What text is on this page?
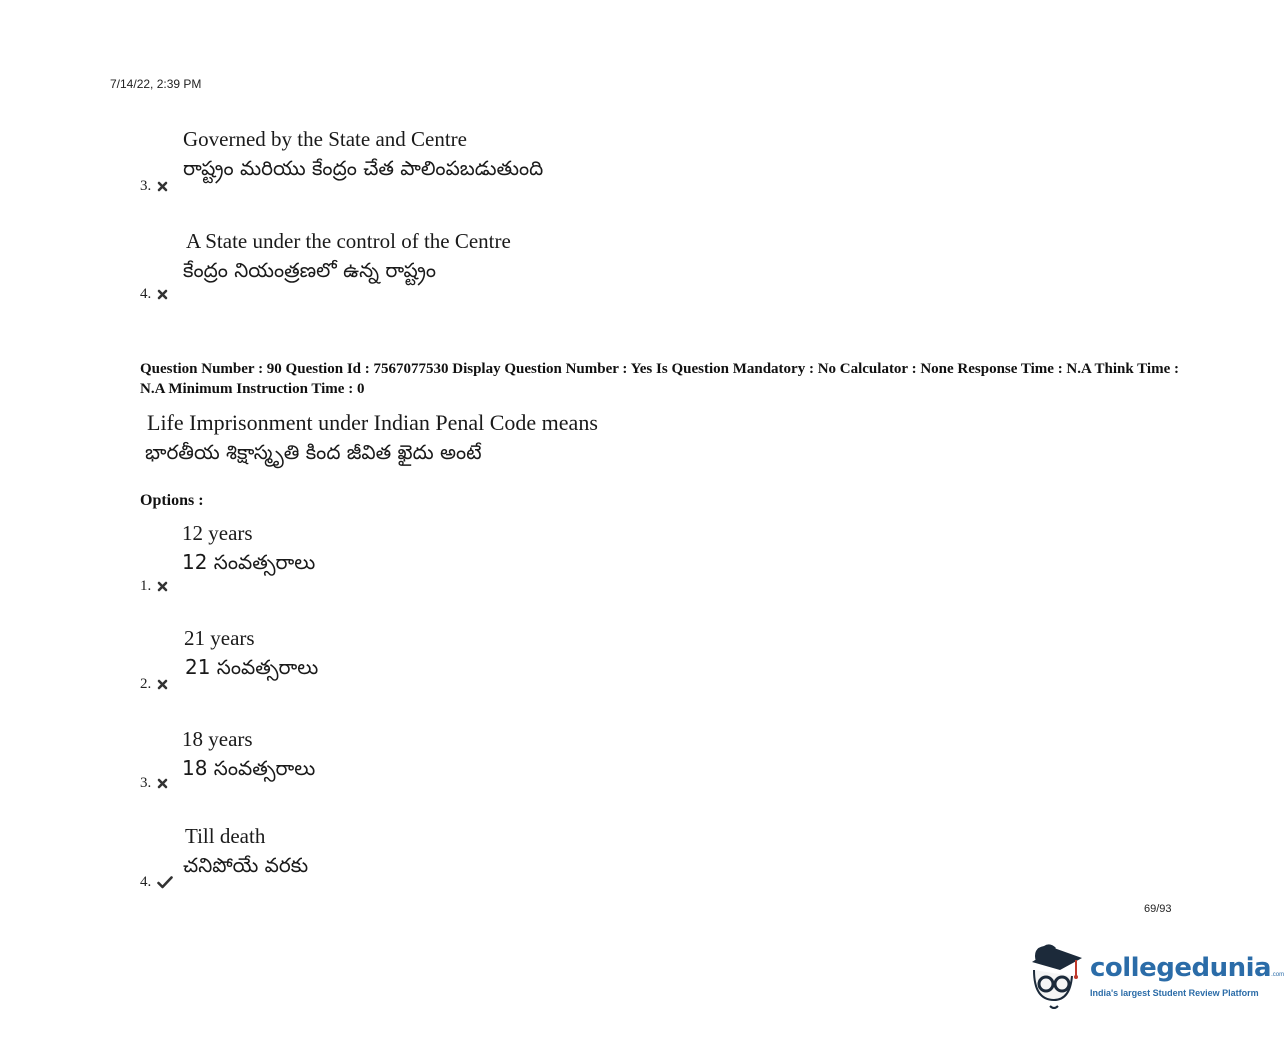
7/14/22, 2:39 PM
Governed by the State and Centre
రాష్ట్రం మరియు కేంద్రం చేత పాలింపబడుతుంది
3.
A State under the control of the Centre
కేంద్రం నియంత్రణలో ఉన్న రాష్ట్రం
4.
Question Number : 90 Question Id : 7567077530 Display Question Number : Yes Is Question Mandatory : No Calculator : None Response Time : N.A Think Time : N.A Minimum Instruction Time : 0
Life Imprisonment under Indian Penal Code means
భారతీయ శిక్షాస్మృతి కింద జీవిత ఖైదు అంటే
Options :
12 years
12 సంవత్సరాలు
1.
21 years
21 సంవత్సరాలు
2.
18 years
18 సంవత్సరాలు
3.
Till death
చనిపోయే వరకు
4.
69/93
collegedunia.com
India's largest Student Review Platform
